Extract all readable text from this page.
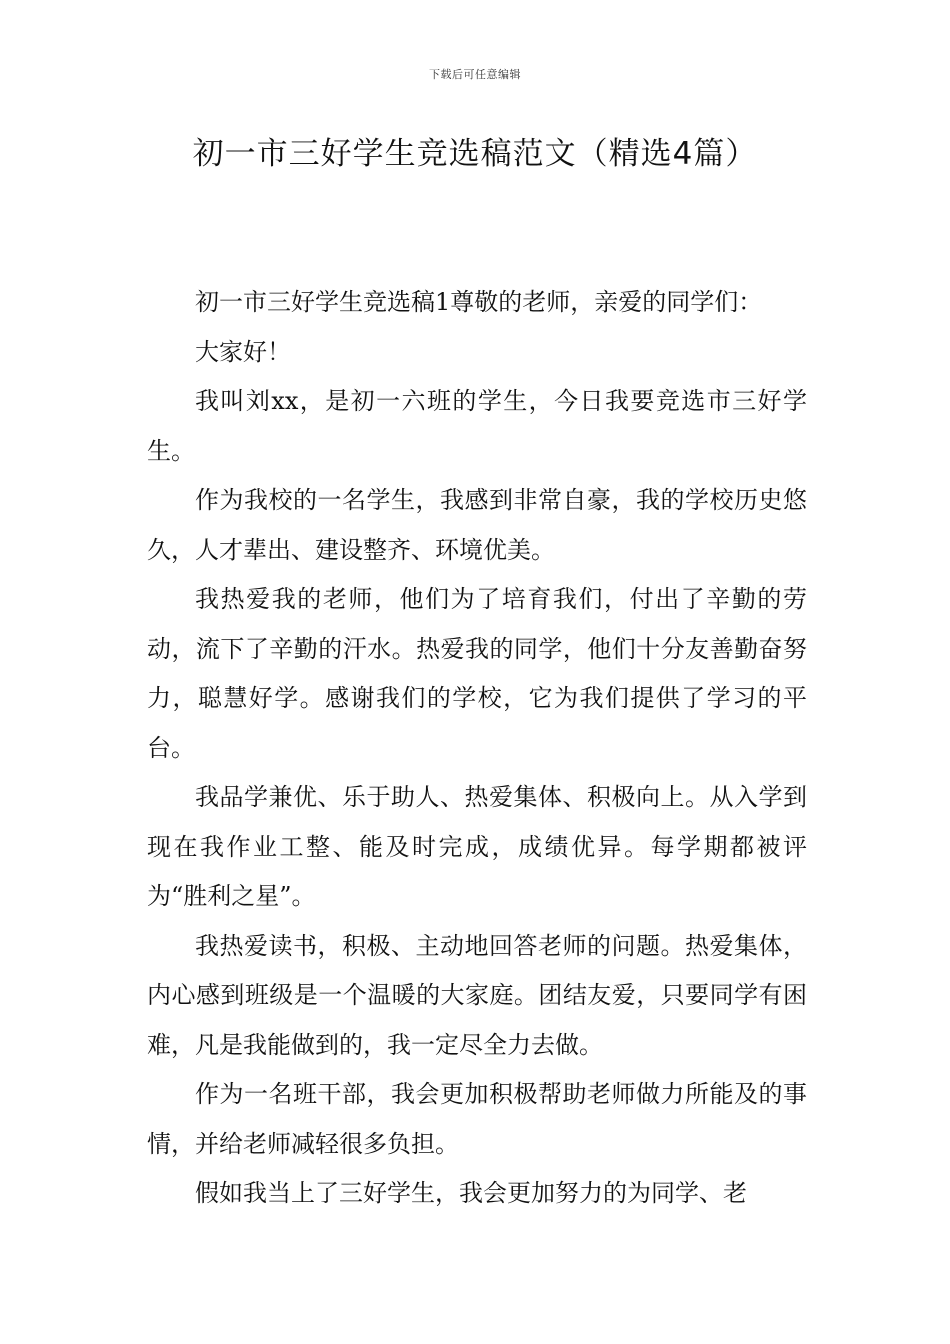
下载后可任意编辑
初一市三好学生竞选稿范文（精选4篇）

初一市三好学生竞选稿1尊敬的老师，亲爱的同学们：

大家好！

我叫刘xx，是初一六班的学生，今日我要竞选市三好学生。

作为我校的一名学生，我感到非常自豪，我的学校历史悠久，人才辈出、建设整齐、环境优美。

我热爱我的老师，他们为了培育我们，付出了辛勤的劳动，流下了辛勤的汗水。热爱我的同学，他们十分友善勤奋努力，聪慧好学。感谢我们的学校，它为我们提供了学习的平台。

我品学兼优、乐于助人、热爱集体、积极向上。从入学到现在我作业工整、能及时完成，成绩优异。每学期都被评为“胜利之星”。

我热爱读书，积极、主动地回答老师的问题。热爱集体，内心感到班级是一个温暖的大家庭。团结友爱，只要同学有困难，凡是我能做到的，我一定尽全力去做。

作为一名班干部，我会更加积极帮助老师做力所能及的事情，并给老师减轻很多负担。

假如我当上了三好学生，我会更加努力的为同学、老
